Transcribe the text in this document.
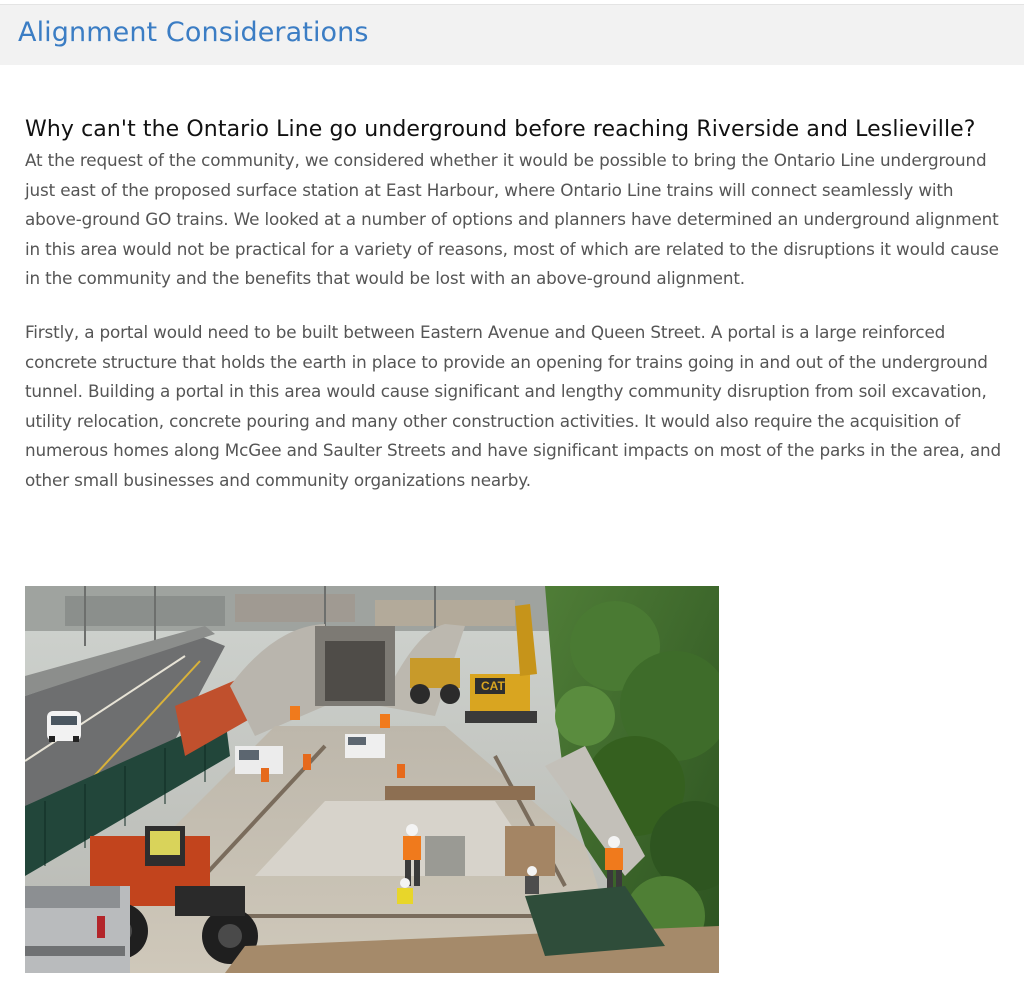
Alignment Considerations
Why can't the Ontario Line go underground before reaching Riverside and Leslieville?

At the request of the community, we considered whether it would be possible to bring the Ontario Line underground just east of the proposed surface station at East Harbour, where Ontario Line trains will connect seamlessly with above-ground GO trains. We looked at a number of options and planners have determined an underground alignment in this area would not be practical for a variety of reasons, most of which are related to the disruptions it would cause in the community and the benefits that would be lost with an above-ground alignment.

Firstly, a portal would need to be built between Eastern Avenue and Queen Street. A portal is a large reinforced concrete structure that holds the earth in place to provide an opening for trains going in and out of the underground tunnel. Building a portal in this area would cause significant and lengthy community disruption from soil excavation, utility relocation, concrete pouring and many other construction activities. It would also require the acquisition of numerous homes along McGee and Saulter Streets and have significant impacts on most of the parks in the area, and other small businesses and community organizations nearby.

CAT
